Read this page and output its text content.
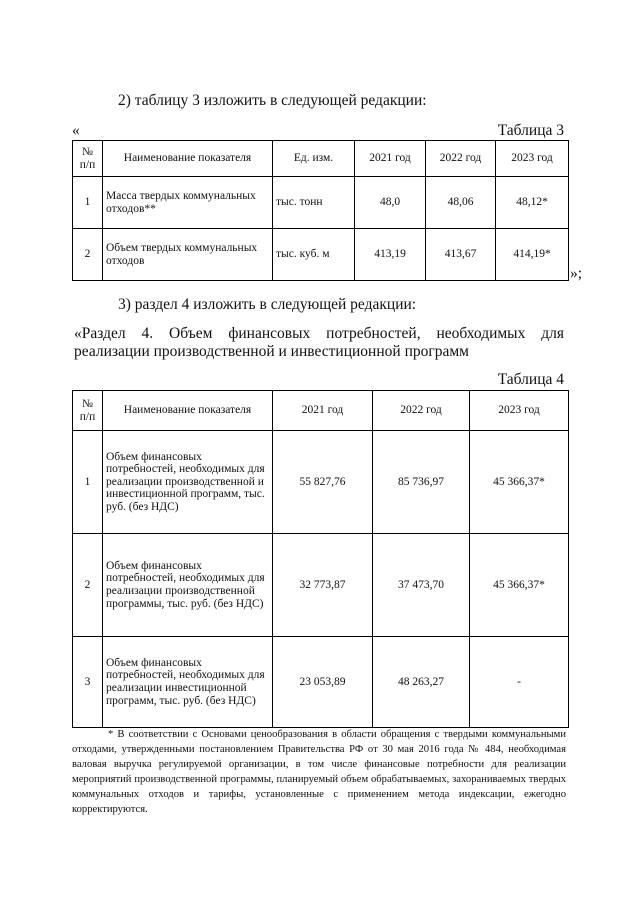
2) таблицу 3 изложить в следующей редакции:
«	Таблица 3
№ п/п	Наименование показателя	Ед. изм.	2021 год	2022 год	2023 год
1	Масса твердых коммунальных отходов**	тыс. тонн	48,0	48,06	48,12*
2	Объем твердых коммунальных отходов	тыс. куб. м	413,19	413,67	414,19*
»;
3) раздел 4 изложить в следующей редакции:
«Раздел 4. Объем финансовых потребностей, необходимых для
реализации производственной и инвестиционной программ
Таблица 4
№ п/п	Наименование показателя	2021 год	2022 год	2023 год
1	Объем финансовых потребностей, необходимых для реализации производственной и инвестиционной программ, тыс. руб. (без НДС)	55 827,76	85 736,97	45 366,37*
2	Объем финансовых потребностей, необходимых для реализации производственной программы, тыс. руб. (без НДС)	32 773,87	37 473,70	45 366,37*
3	Объем финансовых потребностей, необходимых для реализации инвестиционной программ, тыс. руб. (без НДС)	23 053,89	48 263,27	-
* В соответствии с Основами ценообразования в области обращения с твердыми коммунальными отходами, утвержденными постановлением Правительства РФ от 30 мая 2016 года № 484, необходимая валовая выручка регулируемой организации, в том числе финансовые потребности для реализации мероприятий производственной программы, планируемый объем обрабатываемых, захораниваемых твердых коммунальных отходов и тарифы, установленные с применением метода индексации, ежегодно корректируются.
